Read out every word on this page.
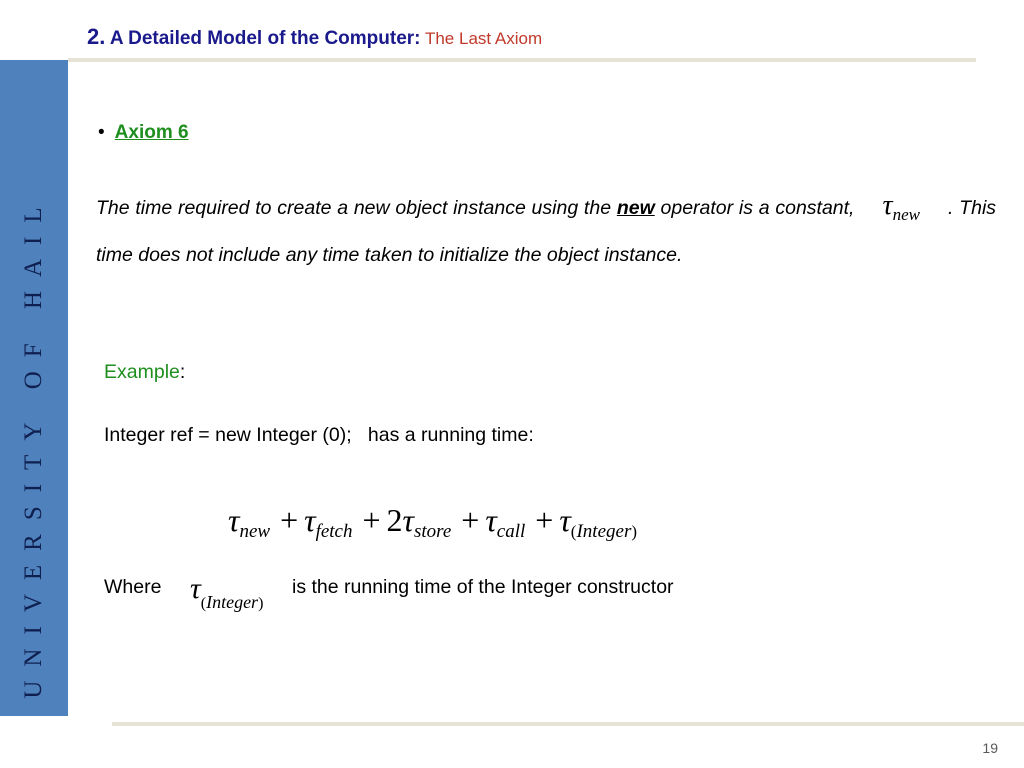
2. A Detailed Model of the Computer: The Last Axiom
UNIVERSITY OF HAIL
• Axiom 6
The time required to create a new object instance using the new operator is a constant, τnew . This time does not include any time taken to initialize the object instance.
Example:
Integer ref = new Integer (0);   has a running time:
τnew + τfetch + 2τstore + τcall + τ(Integer)
Where τ(Integer)
is the running time of the Integer constructor
19
